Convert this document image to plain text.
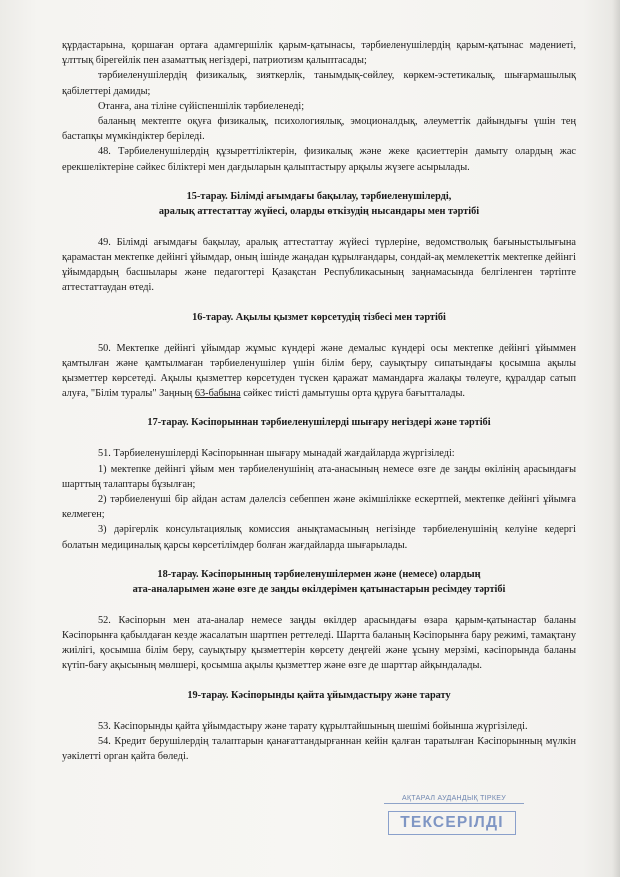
құрдастарына, қоршаған ортаға адамгершілік қарым-қатынасы, тәрбиеленушілердің қарым-қатынас мәдениеті, ұлттық бірегейлік пен азаматтық негіздері, патриотизм қалыптасады;

тәрбиеленушілердің физикалық, зияткерлік, танымдық-сөйлеу, көркем-эстетикалық, шығармашылық қабілеттері дамиды;

Отанға, ана тіліне сүйіспеншілік тәрбиеленеді;

баланың мектепте оқуға физикалық, психологиялық, эмоционалдық, әлеуметтік дайындығы үшін тең бастапқы мүмкіндіктер беріледі.

48. Тәрбиеленушілердің құзыреттіліктерін, физикалық және жеке қасиеттерін дамыту олардың жас ерекшеліктеріне сәйкес біліктері мен дағдыларын қалыптастыру арқылы жүзеге асырылады.

15-тарау. Білімді ағымдағы бақылау, тәрбиеленушілерді,
аралық аттестаттау жүйесі, оларды өткізудің нысандары мен тәртібі

49. Білімді ағымдағы бақылау, аралық аттестаттау жүйесі түрлеріне, ведомстволық бағыныстылығына қарамастан мектепке дейінгі ұйымдар, оның ішінде жаңадан құрылғандары, сондай-ақ мемлекеттік мектепке дейінгі ұйымдардың басшылары және педагогтері Қазақстан Республикасының заңнамасында белгіленген тәртіпте аттестаттаудан өтеді.

16-тарау. Ақылы қызмет көрсетудің тізбесі мен тәртібі

50. Мектепке дейінгі ұйымдар жұмыс күндері және демалыс күндері осы мектепке дейінгі ұйыммен қамтылған және қамтылмаған тәрбиеленушілер үшін білім беру, сауықтыру сипатындағы қосымша ақылы қызметтер көрсетеді. Ақылы қызметтер көрсетуден түскен қаражат мамандарға жалақы төлеуге, құралдар сатып алуға, "Білім туралы" Заңның 63-бабына сәйкес тиісті дамытушы орта құруға бағытталады.

17-тарау. Кәсіпорыннан тәрбиеленушілерді шығару негіздері және тәртібі

51. Тәрбиеленушілерді Кәсіпорыннан шығару мынадай жағдайларда жүргізіледі:

1) мектепке дейінгі ұйым мен тәрбиеленушінің ата-анасының немесе өзге де заңды өкілінің арасындағы шарттың талаптары бұзылған;

2) тәрбиеленуші бір айдан астам дәлелсіз себеппен және әкімшілікке ескертпей, мектепке дейінгі ұйымға келмеген;

3) дәрігерлік консультациялық комиссия анықтамасының негізінде тәрбиеленушінің келуіне кедергі болатын медициналық қарсы көрсетілімдер болған жағдайларда шығарылады.

18-тарау. Кәсіпорынның тәрбиеленушілермен және (немесе) олардың
ата-аналарымен және өзге де заңды өкілдерімен қатынастарын ресімдеу тәртібі

52. Кәсіпорын мен ата-аналар немесе заңды өкілдер арасындағы өзара қарым-қатынастар баланы Кәсіпорынға қабылдаған кезде жасалатын шартпен реттеледі. Шартта баланың Кәсіпорынға бару режимі, тамақтану жиілігі, қосымша білім беру, сауықтыру қызметтерін көрсету деңгейі және ұсыну мерзімі, кәсіпорында баланы күтіп-бағу ақысының мөлшері, қосымша ақылы қызметтер және өзге де шарттар айқындалады.

19-тарау. Кәсіпорынды қайта ұйымдастыру және тарату

53. Кәсіпорынды қайта ұйымдастыру және тарату құрылтайшының шешімі бойынша жүргізіледі.

54. Кредит берушілердің талаптарын қанағаттандырғаннан кейін қалған таратылған Кәсіпорынның мүлкін уәкілетті орган қайта бөледі.

АҚТАРАЛ АУДАНДЫҚ ТІРКЕУ
ТЕКСЕРІЛДІ
